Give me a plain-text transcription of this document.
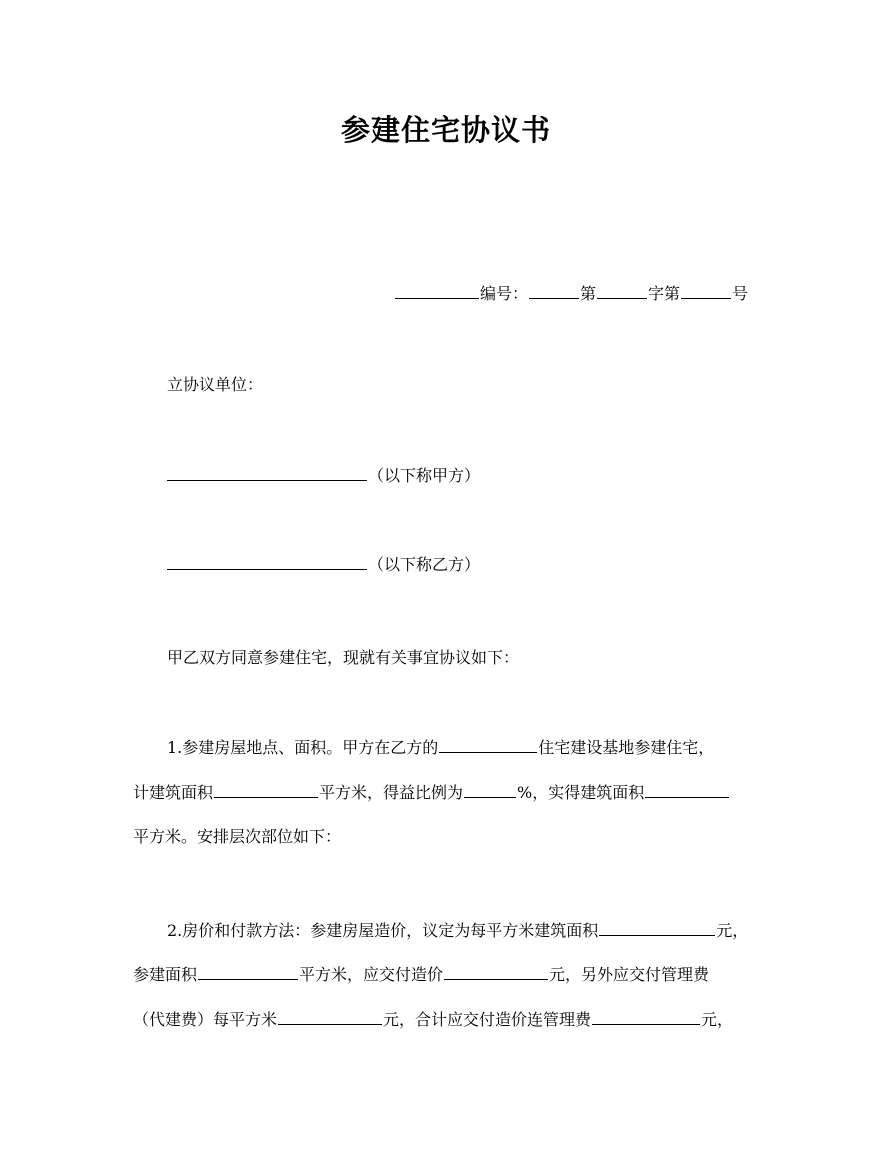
参建住宅协议书
编号：	第	字第	号
立协议单位：
（以下称甲方）
（以下称乙方）
甲乙双方同意参建住宅，现就有关事宜协议如下：
1.参建房屋地点、面积。甲方在乙方的	住宅建设基地参建住宅，
计建筑面积	平方米，得益比例为	%，实得建筑面积
平方米。安排层次部位如下：
2.房价和付款方法：参建房屋造价，议定为每平方米建筑面积	元，
参建面积	平方米，应交付造价	元，另外应交付管理费
（代建费）每平方米	元，合计应交付造价连管理费	元，
